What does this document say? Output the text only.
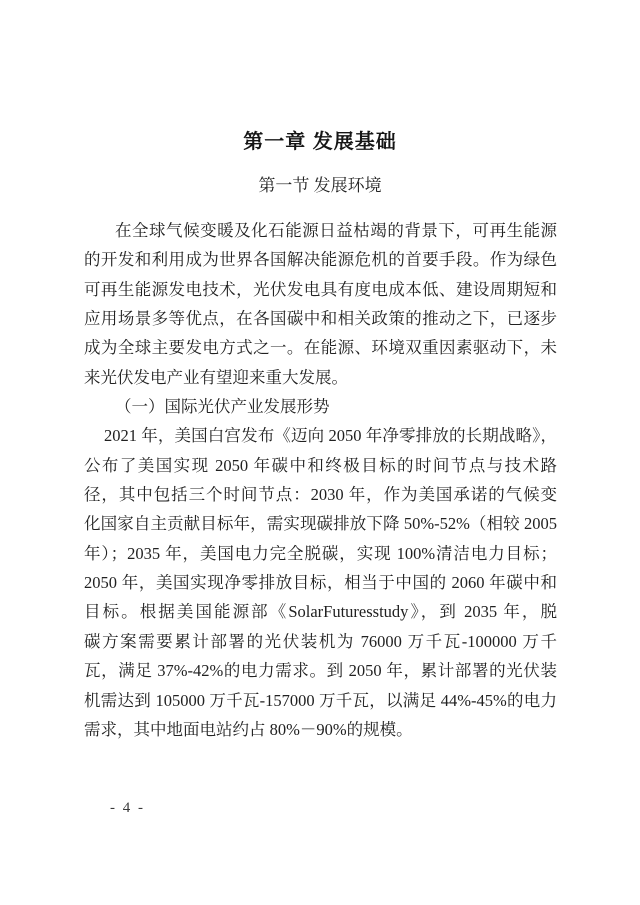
第一章 发展基础
第一节 发展环境
在全球气候变暖及化石能源日益枯竭的背景下，可再生能源
的开发和利用成为世界各国解决能源危机的首要手段。作为绿色
可再生能源发电技术，光伏发电具有度电成本低、建设周期短和
应用场景多等优点，在各国碳中和相关政策的推动之下，已逐步
成为全球主要发电方式之一。在能源、环境双重因素驱动下，未
来光伏发电产业有望迎来重大发展。
（一）国际光伏产业发展形势
2021 年，美国白宫发布《迈向 2050 年净零排放的长期战略》，
公布了美国实现 2050 年碳中和终极目标的时间节点与技术路
径，其中包括三个时间节点：2030 年，作为美国承诺的气候变
化国家自主贡献目标年，需实现碳排放下降 50%-52%（相较 2005
年）；2035 年，美国电力完全脱碳，实现 100%清洁电力目标；
2050 年，美国实现净零排放目标，相当于中国的 2060 年碳中和
目标。根据美国能源部《SolarFuturesstudy》，到 2035 年，脱
碳方案需要累计部署的光伏装机为 76000 万千瓦-100000 万千
瓦，满足 37%-42%的电力需求。到 2050 年，累计部署的光伏装
机需达到 105000 万千瓦-157000 万千瓦，以满足 44%-45%的电力
需求，其中地面电站约占 80%－90%的规模。
- 4 -
